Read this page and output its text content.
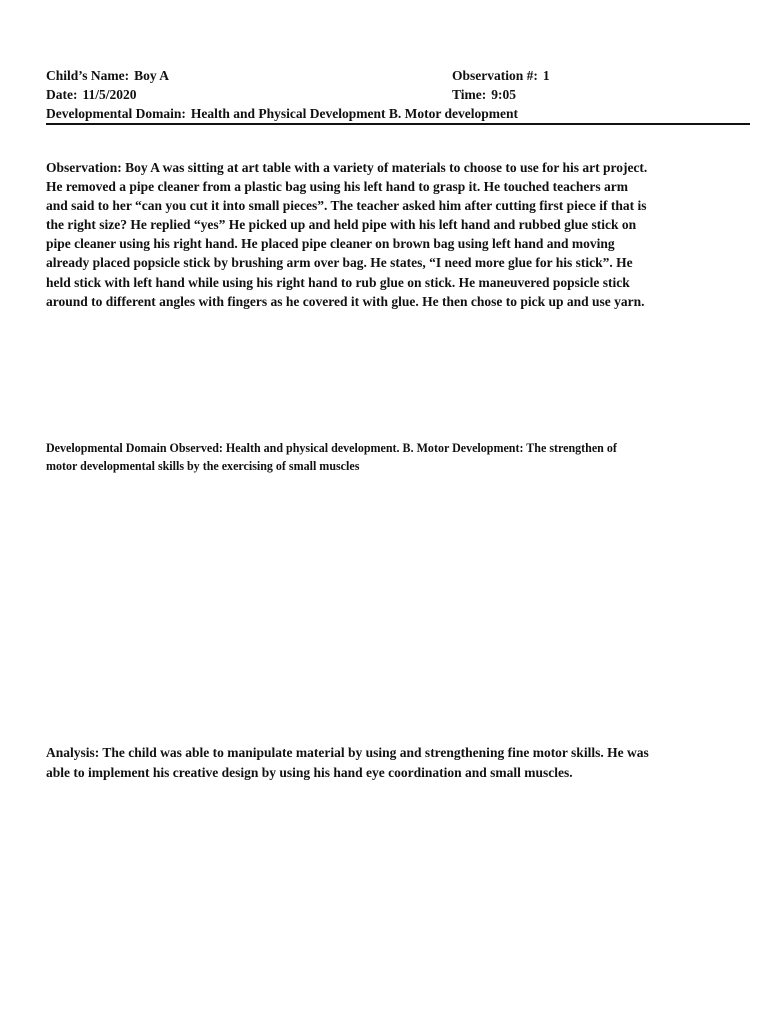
Child’s Name: Boy A	Observation #: 1
Date: 11/5/2020	Time: 9:05
Developmental Domain: Health and Physical Development B. Motor development
Observation: Boy A was sitting at art table with a variety of materials to choose to use for his art project.
He removed a pipe cleaner from a plastic bag using his left hand to grasp it. He touched teachers arm
and said to her “can you cut it into small pieces”. The teacher asked him after cutting first piece if that is
the right size? He replied “yes” He picked up and held pipe with his left hand and rubbed glue stick on
pipe cleaner using his right hand. He placed pipe cleaner on brown bag using left hand and moving
already placed popsicle stick by brushing arm over bag. He states, “I need more glue for his stick”. He
held stick with left hand while using his right hand to rub glue on stick. He maneuvered popsicle stick
around to different angles with fingers as he covered it with glue. He then chose to pick up and use yarn.
Developmental Domain Observed: Health and physical development. B. Motor Development: The strengthen of
motor developmental skills by the exercising of small muscles
Analysis: The child was able to manipulate material by using and strengthening fine motor skills. He was
able to implement his creative design by using his hand eye coordination and small muscles.
